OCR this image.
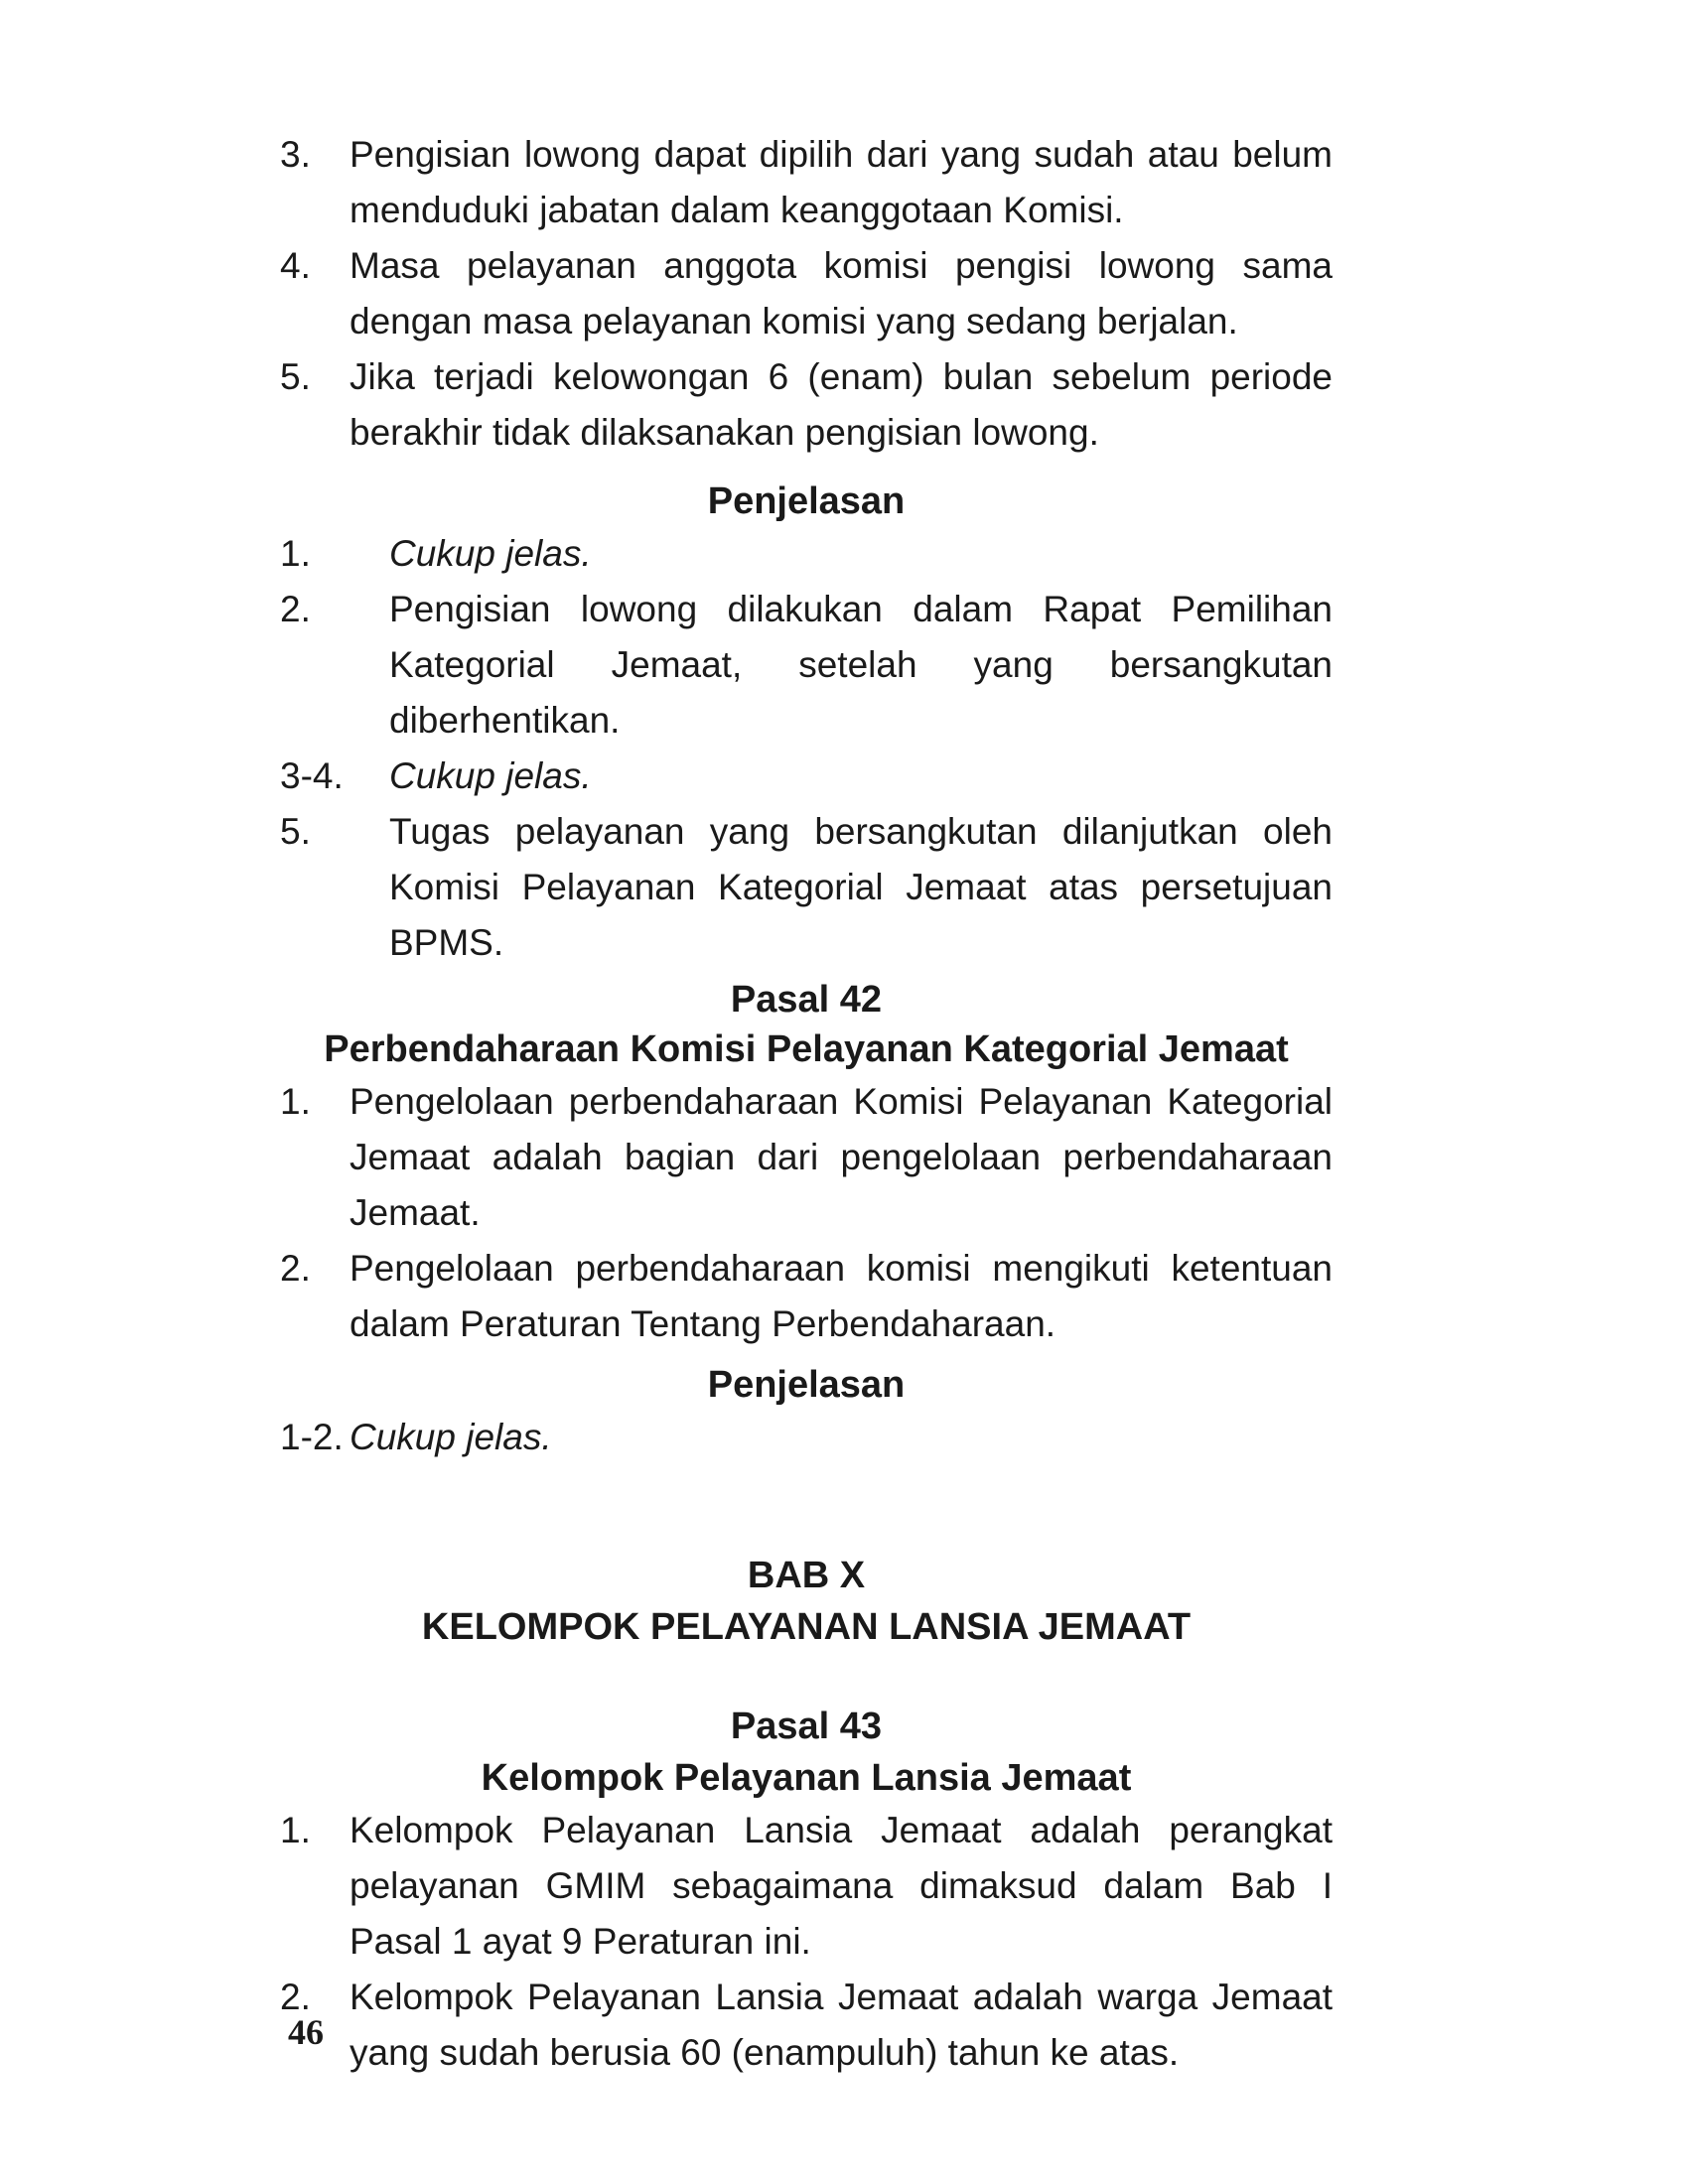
3. Pengisian lowong dapat dipilih dari yang sudah atau belum menduduki jabatan dalam keanggotaan Komisi.
4. Masa pelayanan anggota komisi pengisi lowong sama dengan masa pelayanan komisi yang sedang berjalan.
5. Jika terjadi kelowongan 6 (enam) bulan sebelum periode berakhir tidak dilaksanakan pengisian lowong.
Penjelasan
1. Cukup jelas.
2. Pengisian lowong dilakukan dalam Rapat Pemilihan Kategorial Jemaat, setelah yang bersangkutan diberhentikan.
3-4. Cukup jelas.
5. Tugas pelayanan yang bersangkutan dilanjutkan oleh Komisi Pelayanan Kategorial Jemaat atas persetujuan BPMS.
Pasal 42
Perbendaharaan Komisi Pelayanan Kategorial Jemaat
1. Pengelolaan perbendaharaan Komisi Pelayanan Kategorial Jemaat adalah bagian dari pengelolaan perbendaharaan Jemaat.
2. Pengelolaan perbendaharaan komisi mengikuti ketentuan dalam Peraturan Tentang Perbendaharaan.
Penjelasan
1-2. Cukup jelas.
BAB X
KELOMPOK PELAYANAN LANSIA JEMAAT
Pasal 43
Kelompok Pelayanan Lansia Jemaat
1. Kelompok Pelayanan Lansia Jemaat adalah perangkat pelayanan GMIM sebagaimana dimaksud dalam Bab I Pasal 1 ayat 9 Peraturan ini.
2. Kelompok Pelayanan Lansia Jemaat adalah warga Jemaat yang sudah berusia 60 (enampuluh) tahun ke atas.
46
